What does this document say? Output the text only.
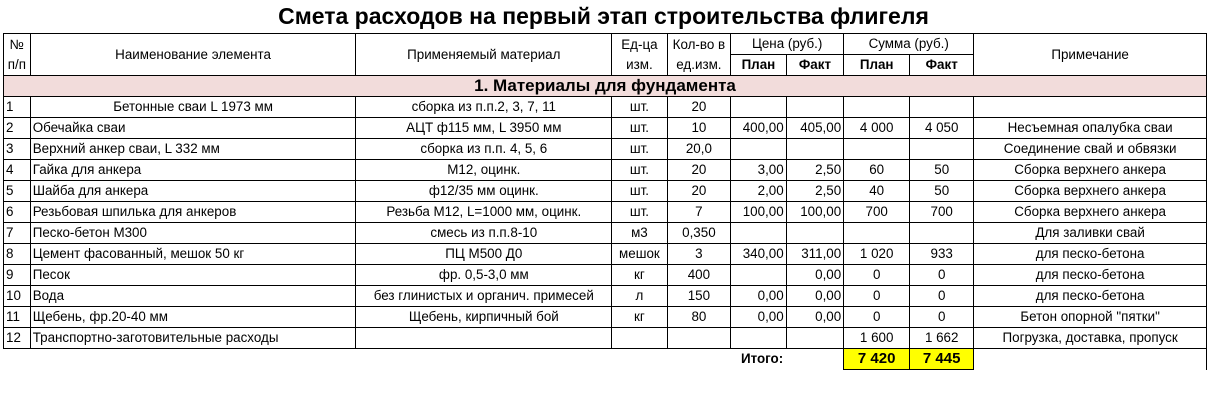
Смета расходов на первый этап строительства флигеля
№ п/п	Наименование элемента	Применяемый материал	Ед-ца изм.	Кол-во в ед.изм.	Цена (руб.)		Сумма (руб.)		Примечание
					План	Факт	План	Факт	
1. Материалы для фундамента									
1	Бетонные сваи L 1973 мм	сборка из п.п.2, 3, 7, 11	шт.	20					
2	Обечайка сваи	АЦТ ф115 мм, L 3950 мм	шт.	10	400,00	405,00	4 000	4 050	Несъемная опалубка сваи
3	Верхний анкер сваи, L 332 мм	сборка из п.п. 4, 5, 6	шт.	20,0					Соединение свай и обвязки
4	Гайка для анкера	М12, оцинк.	шт.	20	3,00	2,50	60	50	Сборка верхнего анкера
5	Шайба для анкера	ф12/35 мм оцинк.	шт.	20	2,00	2,50	40	50	Сборка верхнего анкера
6	Резьбовая шпилька для анкеров	Резьба М12, L=1000 мм, оцинк.	шт.	7	100,00	100,00	700	700	Сборка верхнего анкера
7	Песко-бетон М300	смесь из п.п.8-10	м3	0,350					Для заливки свай
8	Цемент фасованный, мешок 50 кг	ПЦ М500 Д0	мешок	3	340,00	311,00	1 020	933	для песко-бетона
9	Песок	фр. 0,5-3,0 мм	кг	400		0,00	0	0	для песко-бетона
10	Вода	без глинистых и органич. примесей	л	150	0,00	0,00	0	0	для песко-бетона
11	Щебень, фр.20-40 мм	Щебень, кирпичный бой	кг	80	0,00	0,00	0	0	Бетон опорной "пятки"
12	Транспортно-заготовительные расходы						1 600	1 662	Погрузка, доставка, пропуск
		Итого:					7 420	7 445	
